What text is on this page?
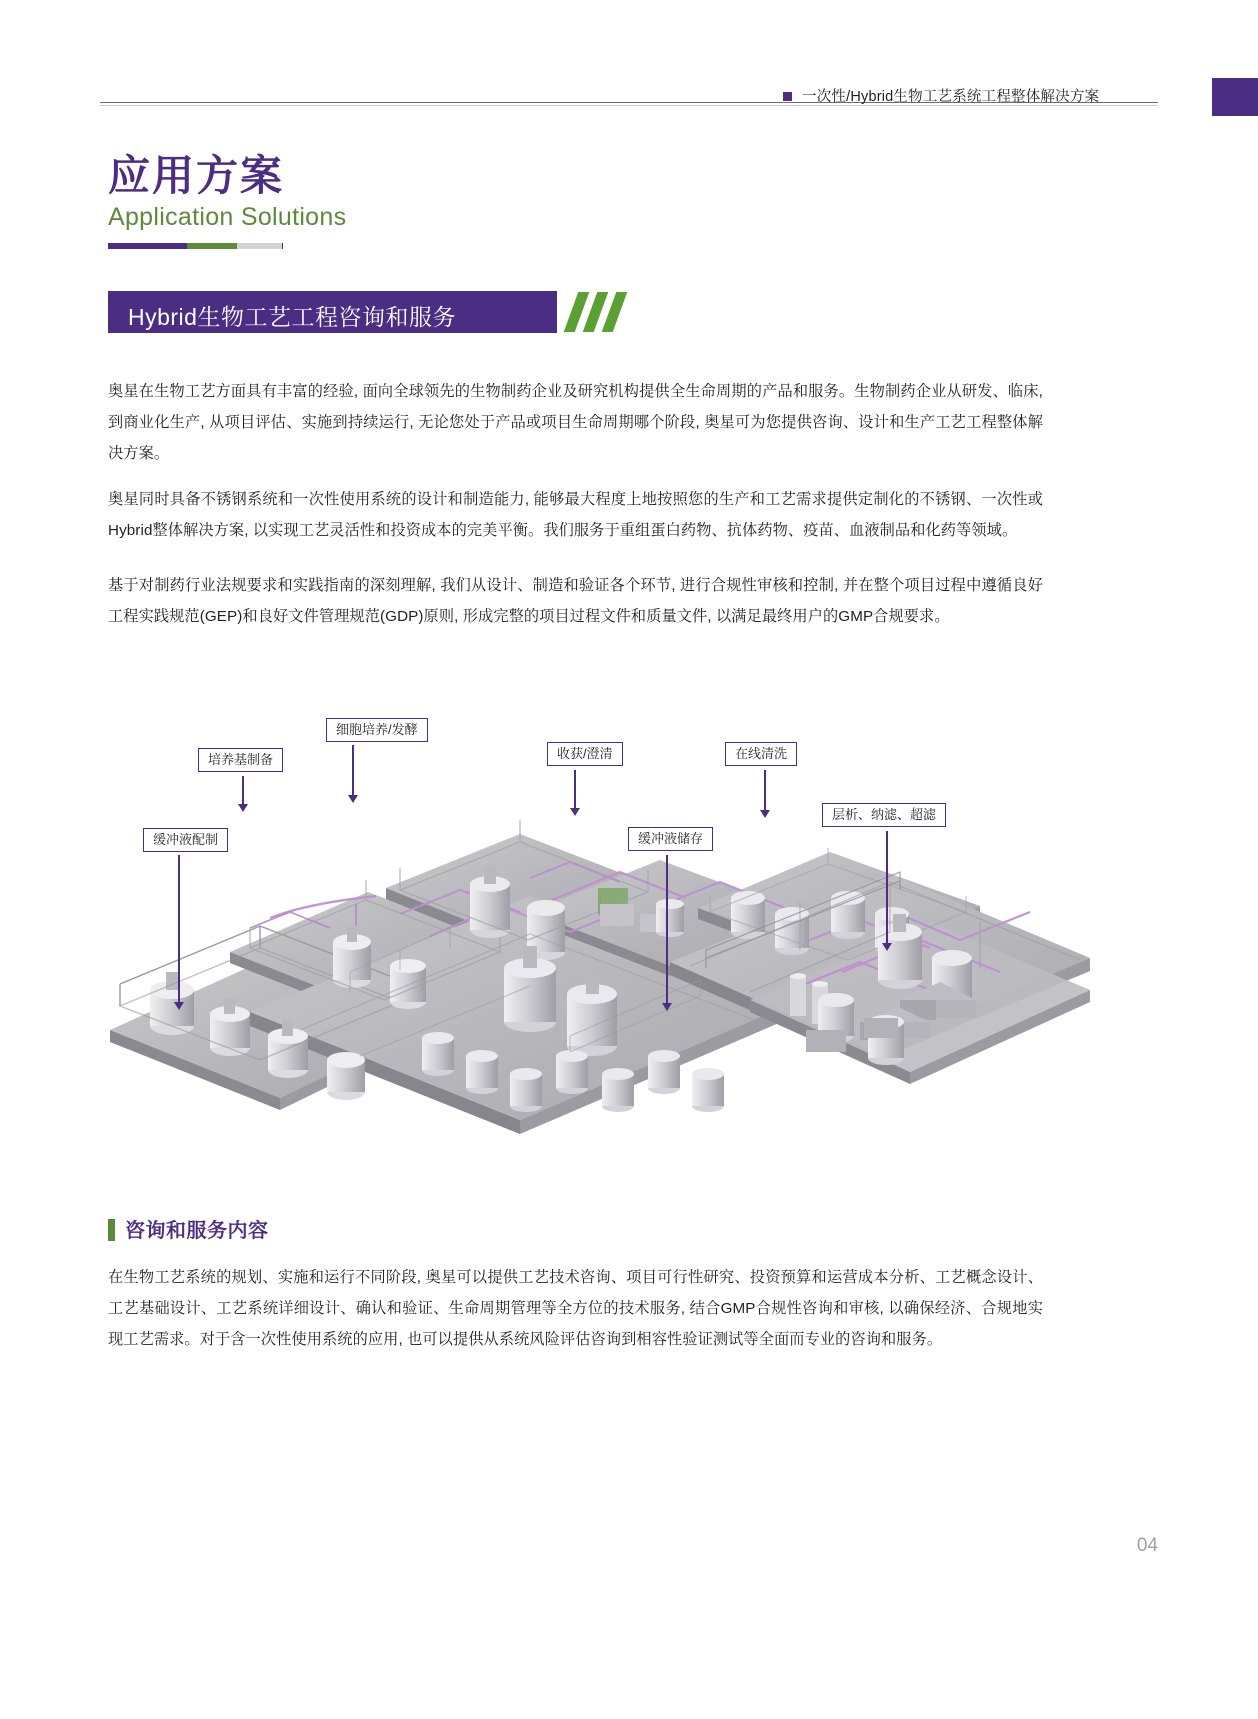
一次性/Hybrid生物工艺系统工程整体解决方案
应用方案
Application Solutions
Hybrid生物工艺工程咨询和服务
奥星在生物工艺方面具有丰富的经验, 面向全球领先的生物制药企业及研究机构提供全生命周期的产品和服务。生物制药企业从研发、临床, 到商业化生产, 从项目评估、实施到持续运行, 无论您处于产品或项目生命周期哪个阶段, 奥星可为您提供咨询、设计和生产工艺工程整体解决方案。
奥星同时具备不锈钢系统和一次性使用系统的设计和制造能力, 能够最大程度上地按照您的生产和工艺需求提供定制化的不锈钢、一次性或Hybrid整体解决方案, 以实现工艺灵活性和投资成本的完美平衡。我们服务于重组蛋白药物、抗体药物、疫苗、血液制品和化药等领域。
基于对制药行业法规要求和实践指南的深刻理解, 我们从设计、制造和验证各个环节, 进行合规性审核和控制, 并在整个项目过程中遵循良好工程实践规范(GEP)和良好文件管理规范(GDP)原则, 形成完整的项目过程文件和质量文件, 以满足最终用户的GMP合规要求。
细胞培养/发酵
培养基制备	收获/澄清	在线清洗
缓冲液配制	缓冲液储存
层析、纳滤、超滤
咨询和服务内容
在生物工艺系统的规划、实施和运行不同阶段, 奥星可以提供工艺技术咨询、项目可行性研究、投资预算和运营成本分析、工艺概念设计、工艺基础设计、工艺系统详细设计、确认和验证、生命周期管理等全方位的技术服务, 结合GMP合规性咨询和审核, 以确保经济、合规地实现工艺需求。对于含一次性使用系统的应用, 也可以提供从系统风险评估咨询到相容性验证测试等全面而专业的咨询和服务。
04
